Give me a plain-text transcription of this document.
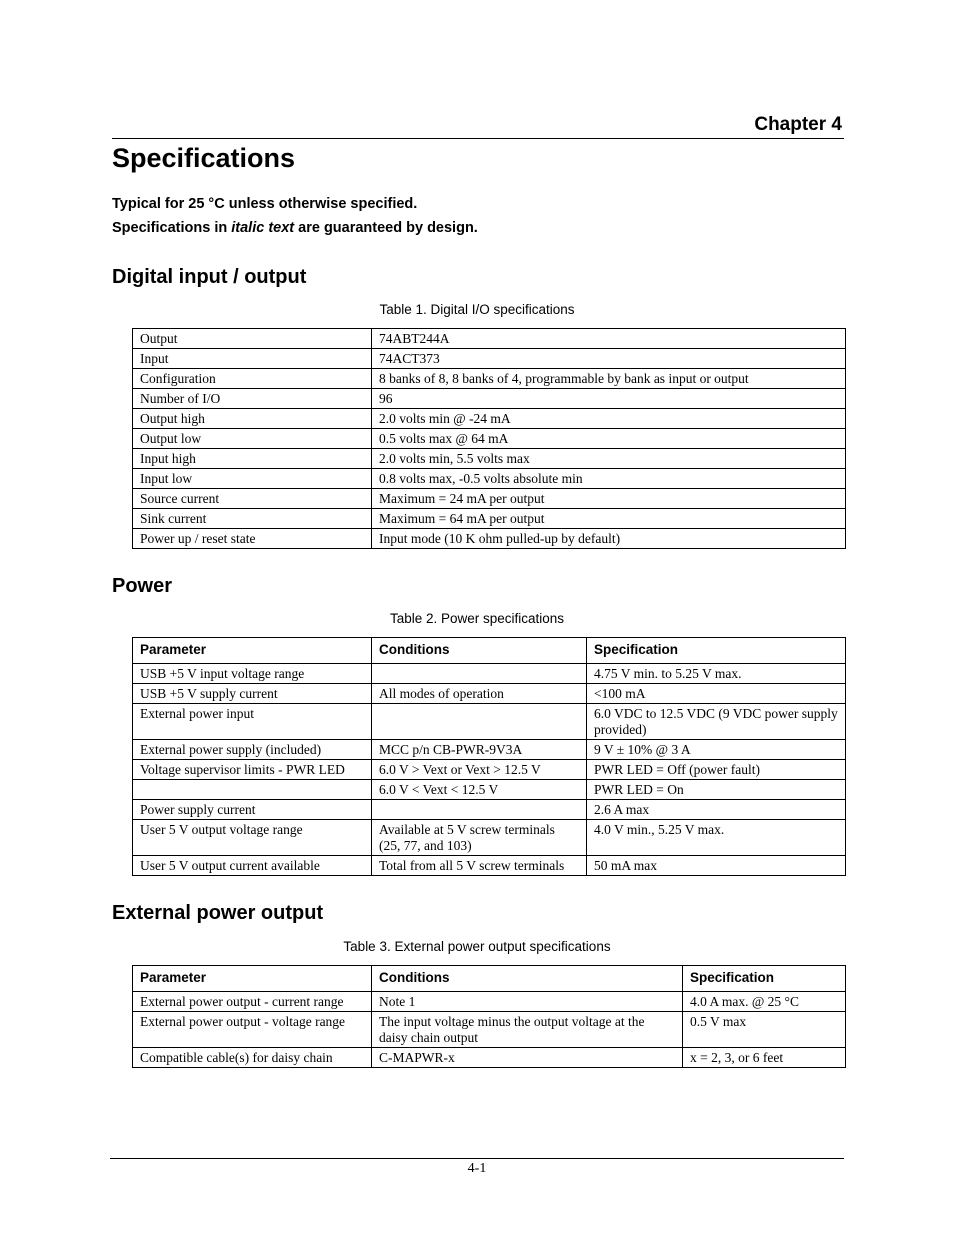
Chapter 4
Specifications

Typical for 25 °C unless otherwise specified.

Specifications in italic text are guaranteed by design.

Digital input / output

Table 1. Digital I/O specifications

Output	74ABT244A
Input	74ACT373
Configuration	8 banks of 8, 8 banks of 4, programmable by bank as input or output
Number of I/O	96
Output high	2.0 volts min @ -24 mA
Output low	0.5 volts max @ 64 mA
Input high	2.0 volts min, 5.5 volts max
Input low	0.8 volts max, -0.5 volts absolute min
Source current	Maximum = 24 mA per output
Sink current	Maximum = 64 mA per output
Power up / reset state	Input mode (10 K ohm pulled-up by default)
Power

Table 2. Power specifications

Parameter	Conditions	Specification
USB +5 V input voltage range		4.75 V min. to 5.25 V max.
USB +5 V supply current	All modes of operation	<100 mA
External power input		6.0 VDC to 12.5 VDC (9 VDC power supply provided)
External power supply (included)	MCC p/n CB-PWR-9V3A	9 V ± 10% @ 3 A
Voltage supervisor limits - PWR LED	6.0 V > Vext or Vext > 12.5 V	PWR LED = Off (power fault)
	6.0 V < Vext < 12.5 V	PWR LED = On
Power supply current		2.6 A max
User 5 V output voltage range	Available at 5 V screw terminals (25, 77, and 103)	4.0 V min., 5.25 V max.
User 5 V output current available	Total from all 5 V screw terminals	50 mA max
External power output

Table 3. External power output specifications

Parameter	Conditions	Specification
External power output - current range	Note 1	4.0 A max. @ 25 °C
External power output - voltage range	The input voltage minus the output voltage at the daisy chain output	0.5 V max
Compatible cable(s) for daisy chain	C-MAPWR-x	x = 2, 3, or 6 feet
4-1
